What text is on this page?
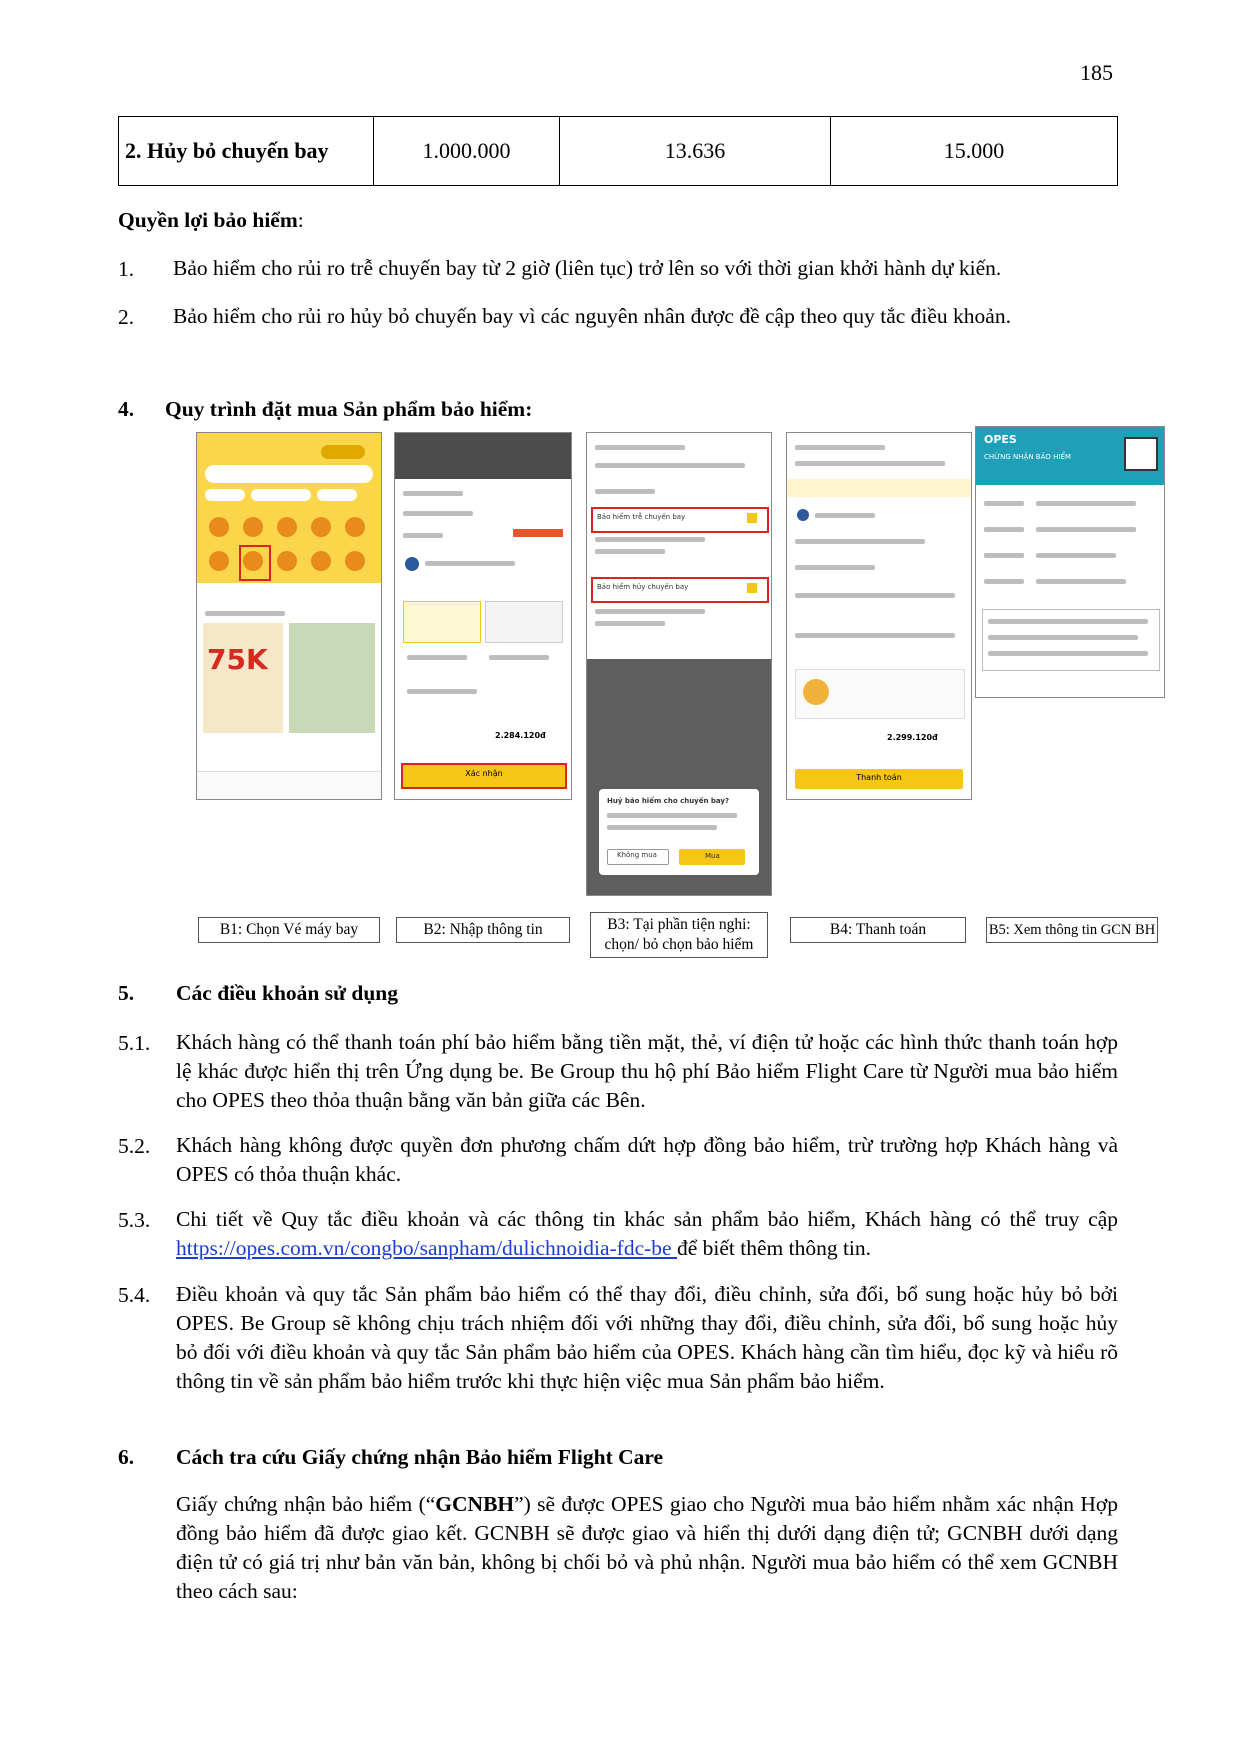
185
2. Hủy bỏ chuyến bay	1.000.000	13.636	15.000
Quyền lợi bảo hiểm:
1. Bảo hiểm cho rủi ro trễ chuyến bay từ 2 giờ (liên tục) trở lên so với thời gian khởi hành dự kiến.
2. Bảo hiểm cho rủi ro hủy bỏ chuyến bay vì các nguyên nhân được đề cập theo quy tắc điều khoản.
4. Quy trình đặt mua Sản phẩm bảo hiểm:
75K
2.284.120đ
Xác nhận
Bảo hiểm trễ chuyến bay
Bảo hiểm hủy chuyến bay
Huỷ bảo hiểm cho chuyến bay?
Không mua	Mua
2.299.120đ
Thanh toán
OPES
CHỨNG NHẬN BẢO HIỂM
B1: Chọn Vé máy bay	B2: Nhập thông tin	B3: Tại phần tiện nghi: chọn/ bỏ chọn bảo hiểm
B4: Thanh toán	B5: Xem thông tin GCN BH
5. Các điều khoản sử dụng
5.1. Khách hàng có thể thanh toán phí bảo hiểm bằng tiền mặt, thẻ, ví điện tử hoặc các hình thức thanh toán hợp lệ khác được hiển thị trên Ứng dụng be. Be Group thu hộ phí Bảo hiểm Flight Care từ Người mua bảo hiểm cho OPES theo thỏa thuận bằng văn bản giữa các Bên.
5.2. Khách hàng không được quyền đơn phương chấm dứt hợp đồng bảo hiểm, trừ trường hợp Khách hàng và OPES có thỏa thuận khác.
5.3. Chi tiết về Quy tắc điều khoản và các thông tin khác sản phẩm bảo hiểm, Khách hàng có thể truy cập https://opes.com.vn/congbo/sanpham/dulichnoidia-fdc-be để biết thêm thông tin.
5.4. Điều khoản và quy tắc Sản phẩm bảo hiểm có thể thay đổi, điều chỉnh, sửa đổi, bổ sung hoặc hủy bỏ bởi OPES. Be Group sẽ không chịu trách nhiệm đối với những thay đổi, điều chỉnh, sửa đổi, bổ sung hoặc hủy bỏ đối với điều khoản và quy tắc Sản phẩm bảo hiểm của OPES. Khách hàng cần tìm hiểu, đọc kỹ và hiểu rõ thông tin về sản phẩm bảo hiểm trước khi thực hiện việc mua Sản phẩm bảo hiểm.
6. Cách tra cứu Giấy chứng nhận Bảo hiểm Flight Care
Giấy chứng nhận bảo hiểm (“GCNBH”) sẽ được OPES giao cho Người mua bảo hiểm nhằm xác nhận Hợp đồng bảo hiểm đã được giao kết. GCNBH sẽ được giao và hiển thị dưới dạng điện tử; GCNBH dưới dạng điện tử có giá trị như bản văn bản, không bị chối bỏ và phủ nhận. Người mua bảo hiểm có thể xem GCNBH theo cách sau:
